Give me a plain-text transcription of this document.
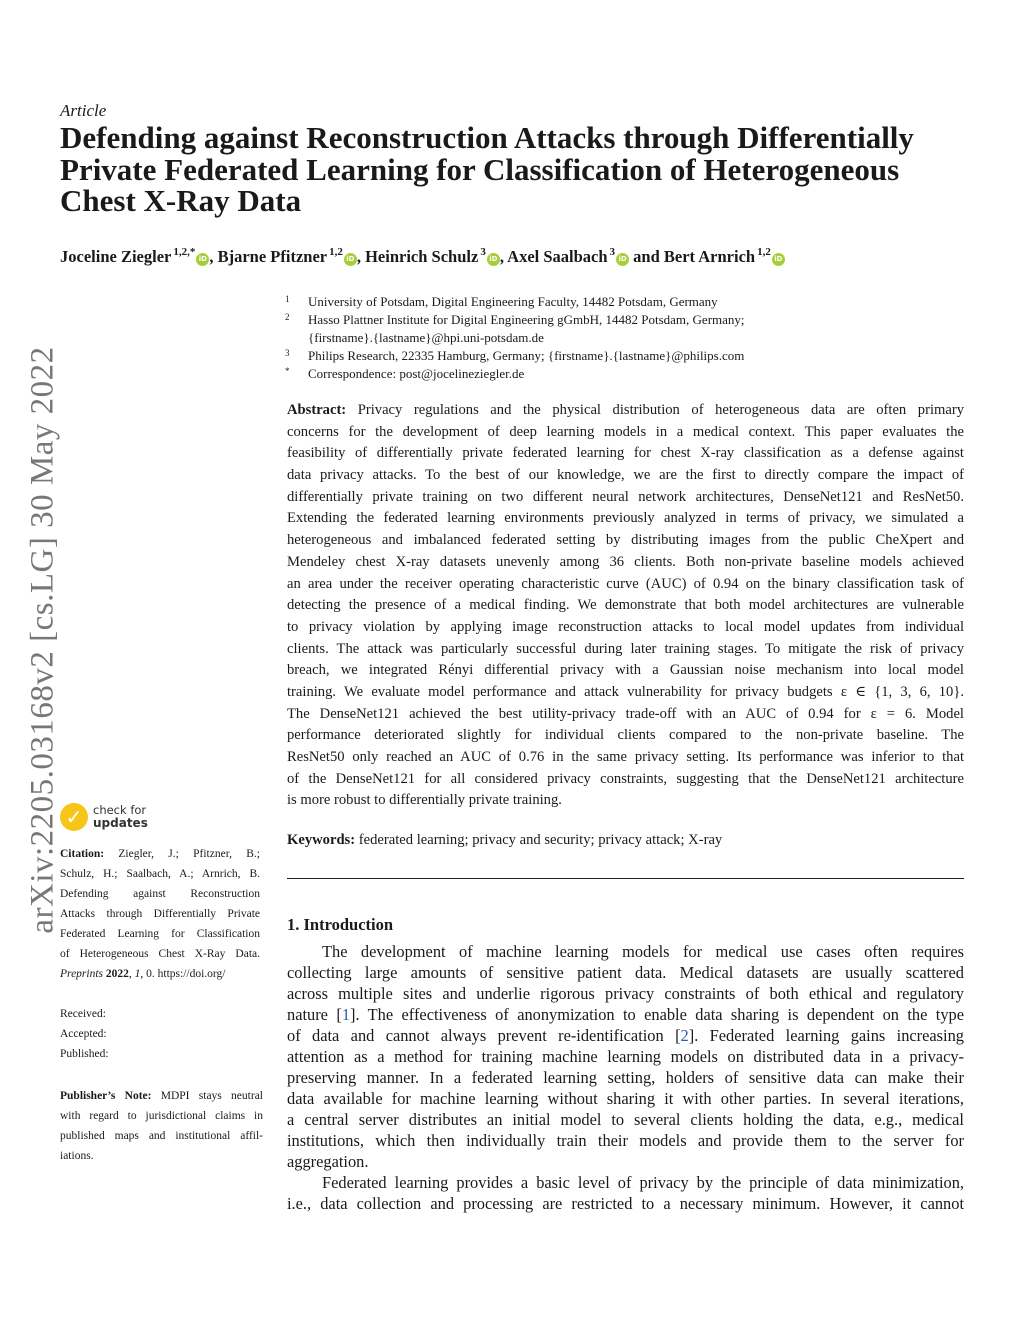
arXiv:2205.03168v2 [cs.LG] 30 May 2022
Article
Defending against Reconstruction Attacks through Differentially
Private Federated Learning for Classification of Heterogeneous
Chest X-Ray Data
Joceline Ziegler $^{1,2,*}$iD , Bjarne Pfitzner $^{1,2}$iD , Heinrich Schulz $^3$iD , Axel Saalbach $^3$iD and Bert Arnrich $^{1,2}$iD
1	University of Potsdam, Digital Engineering Faculty, 14482 Potsdam, Germany
2	Hasso Plattner Institute for Digital Engineering gGmbH, 14482 Potsdam, Germany;
{firstname}.{lastname}@hpi.uni-potsdam.de
3	Philips Research, 22335 Hamburg, Germany; {firstname}.{lastname}@philips.com
*	Correspondence: post@jocelineziegler.de
Abstract: Privacy regulations and the physical distribution of heterogeneous data are often primary
concerns for the development of deep learning models in a medical context. This paper evaluates the
feasibility of differentially private federated learning for chest X-ray classification as a defense against
data privacy attacks. To the best of our knowledge, we are the first to directly compare the impact of
differentially private training on two different neural network architectures, DenseNet121 and ResNet50.
Extending the federated learning environments previously analyzed in terms of privacy, we simulated a
heterogeneous and imbalanced federated setting by distributing images from the public CheXpert and
Mendeley chest X-ray datasets unevenly among 36 clients. Both non-private baseline models achieved
an area under the receiver operating characteristic curve (AUC) of 0.94 on the binary classification task of
detecting the presence of a medical finding. We demonstrate that both model architectures are vulnerable
to privacy violation by applying image reconstruction attacks to local model updates from individual
clients. The attack was particularly successful during later training stages. To mitigate the risk of privacy
breach, we integrated Rényi differential privacy with a Gaussian noise mechanism into local model
training. We evaluate model performance and attack vulnerability for privacy budgets ε ∈ {1, 3, 6, 10}.
The DenseNet121 achieved the best utility-privacy trade-off with an AUC of 0.94 for ε = 6. Model
performance deteriorated slightly for individual clients compared to the non-private baseline. The
ResNet50 only reached an AUC of 0.76 in the same privacy setting. Its performance was inferior to that
of the DenseNet121 for all considered privacy constraints, suggesting that the DenseNet121 architecture
is more robust to differentially private training.
Keywords: federated learning; privacy and security; privacy attack; X-ray
1. Introduction
The development of machine learning models for medical use cases often requires
collecting large amounts of sensitive patient data. Medical datasets are usually scattered
across multiple sites and underlie rigorous privacy constraints of both ethical and regulatory
nature [1]. The effectiveness of anonymization to enable data sharing is dependent on the type
of data and cannot always prevent re-identification [2]. Federated learning gains increasing
attention as a method for training machine learning models on distributed data in a privacy-
preserving manner. In a federated learning setting, holders of sensitive data can make their
data available for machine learning without sharing it with other parties. In several iterations,
a central server distributes an initial model to several clients holding the data, e.g., medical
institutions, which then individually train their models and provide them to the server for
aggregation.
Federated learning provides a basic level of privacy by the principle of data minimization,
i.e., data collection and processing are restricted to a necessary minimum. However, it cannot
✓ check for
updates
Citation: Ziegler, J.; Pfitzner, B.;
Schulz, H.; Saalbach, A.; Arnrich, B.
Defending against Reconstruction
Attacks through Differentially Private
Federated Learning for Classification
of Heterogeneous Chest X-Ray Data.
Preprints 2022, 1, 0. https://doi.org/
Received:
Accepted:
Published:
Publisher’s Note: MDPI stays neutral
with regard to jurisdictional claims in
published maps and institutional affil-
iations.
